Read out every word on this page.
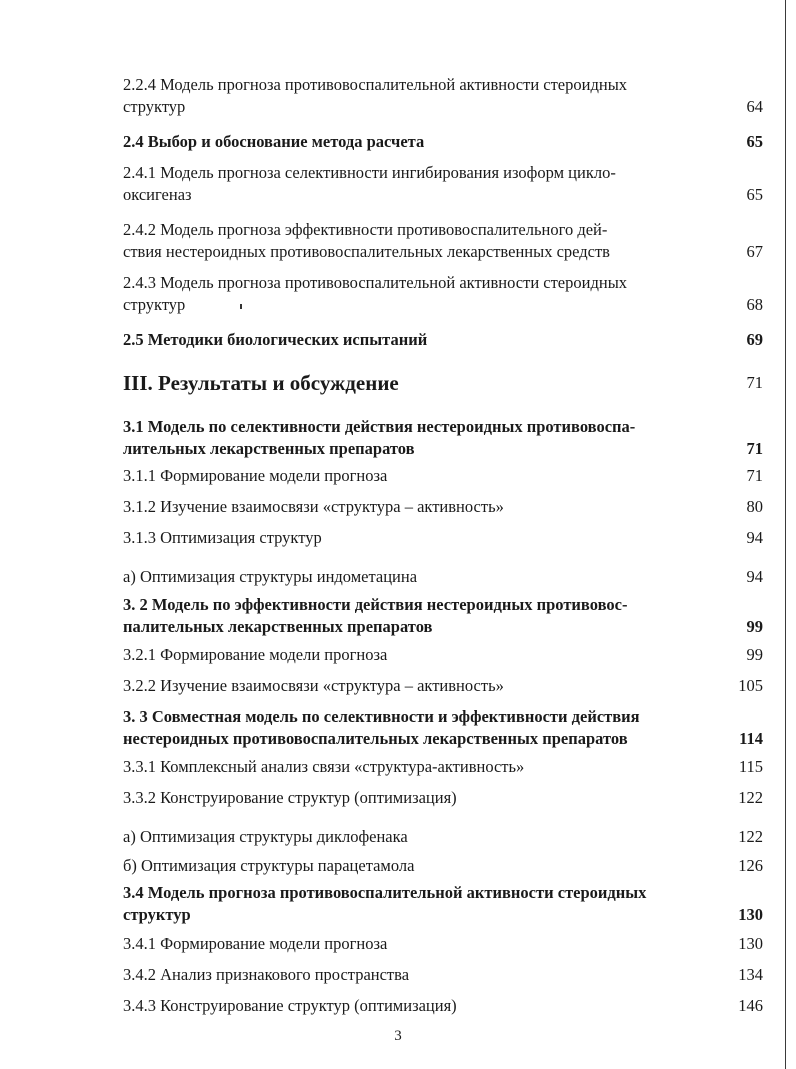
2.2.4 Модель прогноза противовоспалительной активности стероидных
структур	64
2.4 Выбор и обоснование метода расчета	65
2.4.1 Модель прогноза селективности ингибирования изоформ цикло-
оксигеназ	65
2.4.2 Модель прогноза эффективности противовоспалительного дей-
ствия нестероидных противовоспалительных лекарственных средств	67
2.4.3 Модель прогноза противовоспалительной активности стероидных
структур	68
2.5 Методики биологических испытаний	69
III. Результаты и обсуждение	71
3.1 Модель по селективности действия нестероидных противовоспа-
лительных лекарственных препаратов	71
3.1.1 Формирование модели прогноза	71
3.1.2 Изучение взаимосвязи «структура – активность»	80
3.1.3 Оптимизация структур	94
а) Оптимизация структуры индометацина	94
3. 2 Модель по эффективности действия нестероидных противовос-
палительных лекарственных препаратов	99
3.2.1 Формирование модели прогноза	99
3.2.2 Изучение взаимосвязи «структура – активность»	105
3. 3 Совместная модель по селективности и эффективности действия
нестероидных противовоспалительных лекарственных препаратов	114
3.3.1 Комплексный анализ связи «структура-активность»	115
3.3.2 Конструирование структур (оптимизация)	122
а) Оптимизация структуры диклофенака	122
б) Оптимизация структуры парацетамола	126
3.4 Модель прогноза противовоспалительной активности стероидных
структур	130
3.4.1 Формирование модели прогноза	130
3.4.2 Анализ признакового пространства	134
3.4.3 Конструирование структур (оптимизация)	146
3
